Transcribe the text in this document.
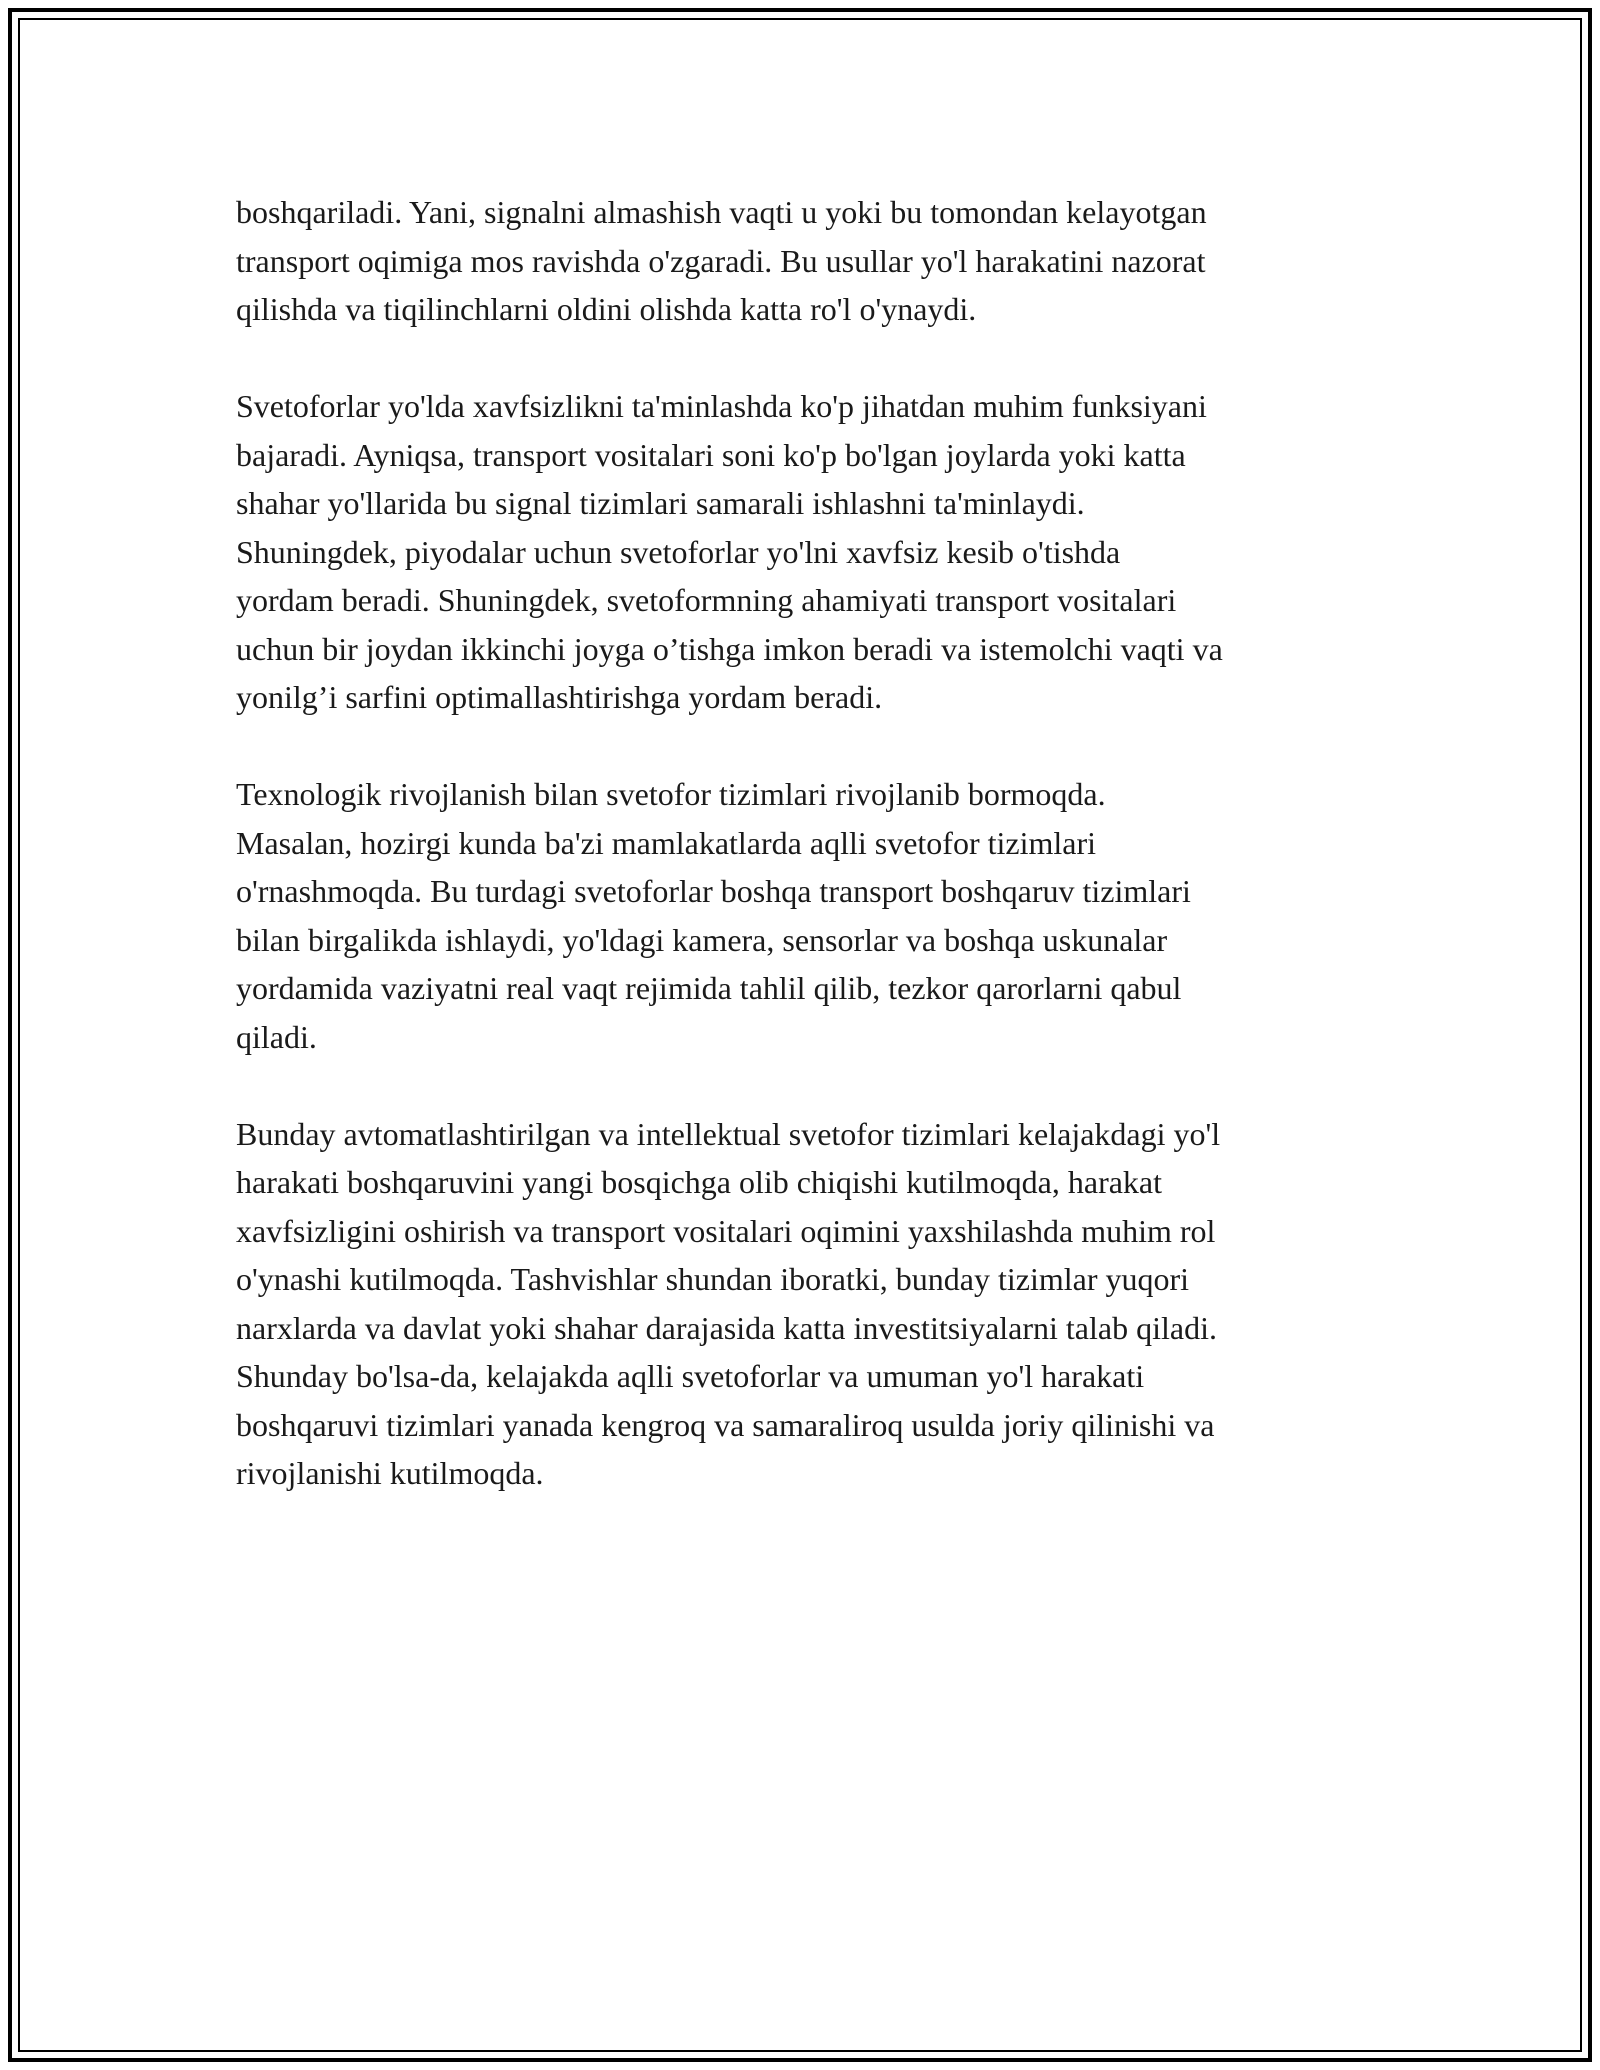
boshqariladi. Yani, signalni almashish vaqti u yoki bu tomondan kelayotgan
transport oqimiga mos ravishda o'zgaradi. Bu usullar yo'l harakatini nazorat
qilishda va tiqilinchlarni oldini olishda katta ro'l o'ynaydi.

Svetoforlar yo'lda xavfsizlikni ta'minlashda ko'p jihatdan muhim funksiyani
bajaradi. Ayniqsa, transport vositalari soni ko'p bo'lgan joylarda yoki katta
shahar yo'llarida bu signal tizimlari samarali ishlashni ta'minlaydi.
Shuningdek, piyodalar uchun svetoforlar yo'lni xavfsiz kesib o'tishda
yordam beradi. Shuningdek, svetoformning ahamiyati transport vositalari
uchun bir joydan ikkinchi joyga o’tishga imkon beradi va istemolchi vaqti va
yonilg’i sarfini optimallashtirishga yordam beradi.

Texnologik rivojlanish bilan svetofor tizimlari rivojlanib bormoqda.
Masalan, hozirgi kunda ba'zi mamlakatlarda aqlli svetofor tizimlari
o'rnashmoqda. Bu turdagi svetoforlar boshqa transport boshqaruv tizimlari
bilan birgalikda ishlaydi, yo'ldagi kamera, sensorlar va boshqa uskunalar
yordamida vaziyatni real vaqt rejimida tahlil qilib, tezkor qarorlarni qabul
qiladi.

Bunday avtomatlashtirilgan va intellektual svetofor tizimlari kelajakdagi yo'l
harakati boshqaruvini yangi bosqichga olib chiqishi kutilmoqda, harakat
xavfsizligini oshirish va transport vositalari oqimini yaxshilashda muhim rol
o'ynashi kutilmoqda. Tashvishlar shundan iboratki, bunday tizimlar yuqori
narxlarda va davlat yoki shahar darajasida katta investitsiyalarni talab qiladi.
Shunday bo'lsa-da, kelajakda aqlli svetoforlar va umuman yo'l harakati
boshqaruvi tizimlari yanada kengroq va samaraliroq usulda joriy qilinishi va
rivojlanishi kutilmoqda.
